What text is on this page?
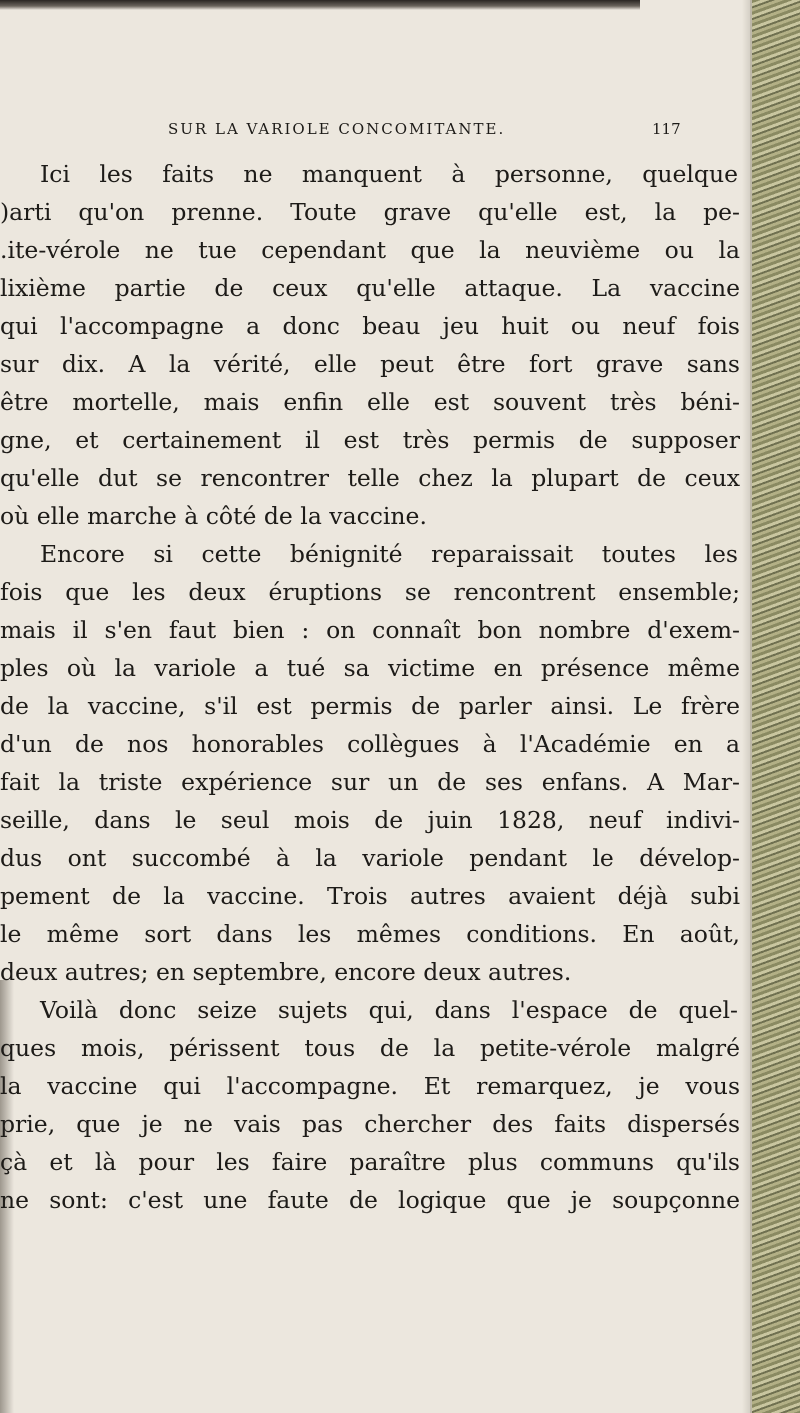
SUR LA VARIOLE CONCOMITANTE.	117
Ici les faits ne manquent à personne, quelque
)arti qu'on prenne. Toute grave qu'elle est, la pe-
.ite-vérole ne tue cependant que la neuvième ou la
lixième partie de ceux qu'elle attaque. La vaccine
qui l'accompagne a donc beau jeu huit ou neuf fois
sur dix. A la vérité, elle peut être fort grave sans
être mortelle, mais enfin elle est souvent très béni-
gne, et certainement il est très permis de supposer
qu'elle dut se rencontrer telle chez la plupart de ceux
où elle marche à côté de la vaccine.
Encore si cette bénignité reparaissait toutes les
fois que les deux éruptions se rencontrent ensemble;
mais il s'en faut bien : on connaît bon nombre d'exem-
ples où la variole a tué sa victime en présence même
de la vaccine, s'il est permis de parler ainsi. Le frère
d'un de nos honorables collègues à l'Académie en a
fait la triste expérience sur un de ses enfans. A Mar-
seille, dans le seul mois de juin 1828, neuf indivi-
dus ont succombé à la variole pendant le dévelop-
pement de la vaccine. Trois autres avaient déjà subi
le même sort dans les mêmes conditions. En août,
deux autres; en septembre, encore deux autres.
Voilà donc seize sujets qui, dans l'espace de quel-
ques mois, périssent tous de la petite-vérole malgré
la vaccine qui l'accompagne. Et remarquez, je vous
prie, que je ne vais pas chercher des faits dispersés
çà et là pour les faire paraître plus communs qu'ils
ne sont: c'est une faute de logique que je soupçonne
